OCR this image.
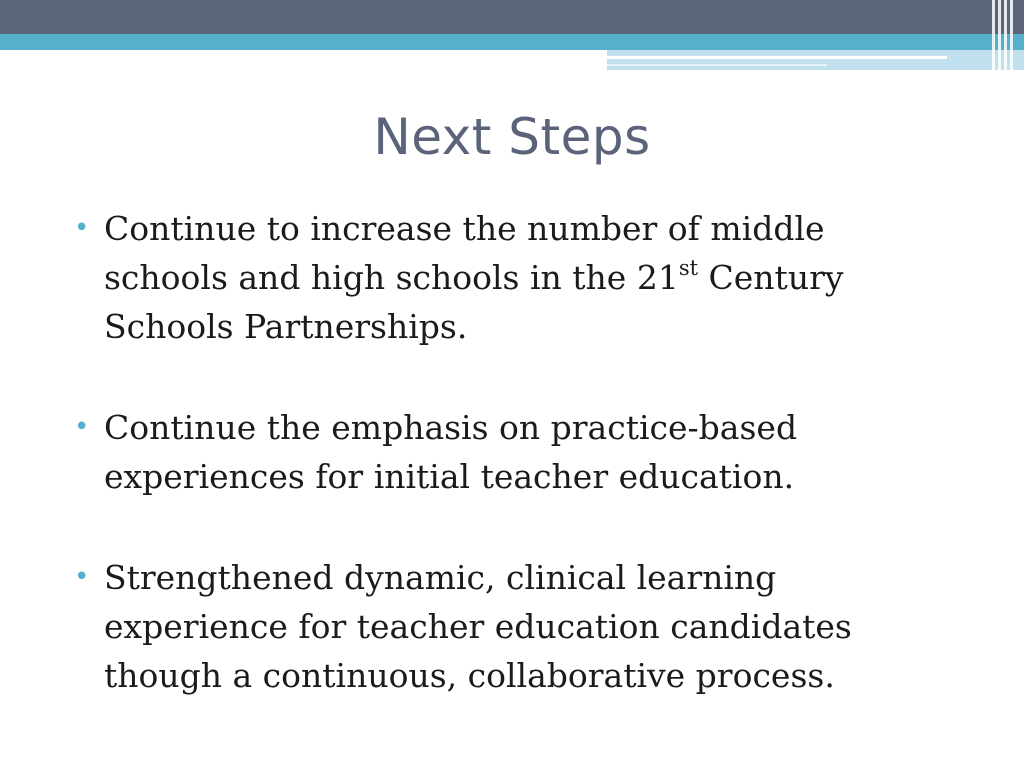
Next Steps
• Continue to increase the number of middle schools and high schools in the 21st Century Schools Partnerships.
• Continue the emphasis on practice-based experiences for initial teacher education.
• Strengthened dynamic, clinical learning experience for teacher education candidates though a continuous, collaborative process.
